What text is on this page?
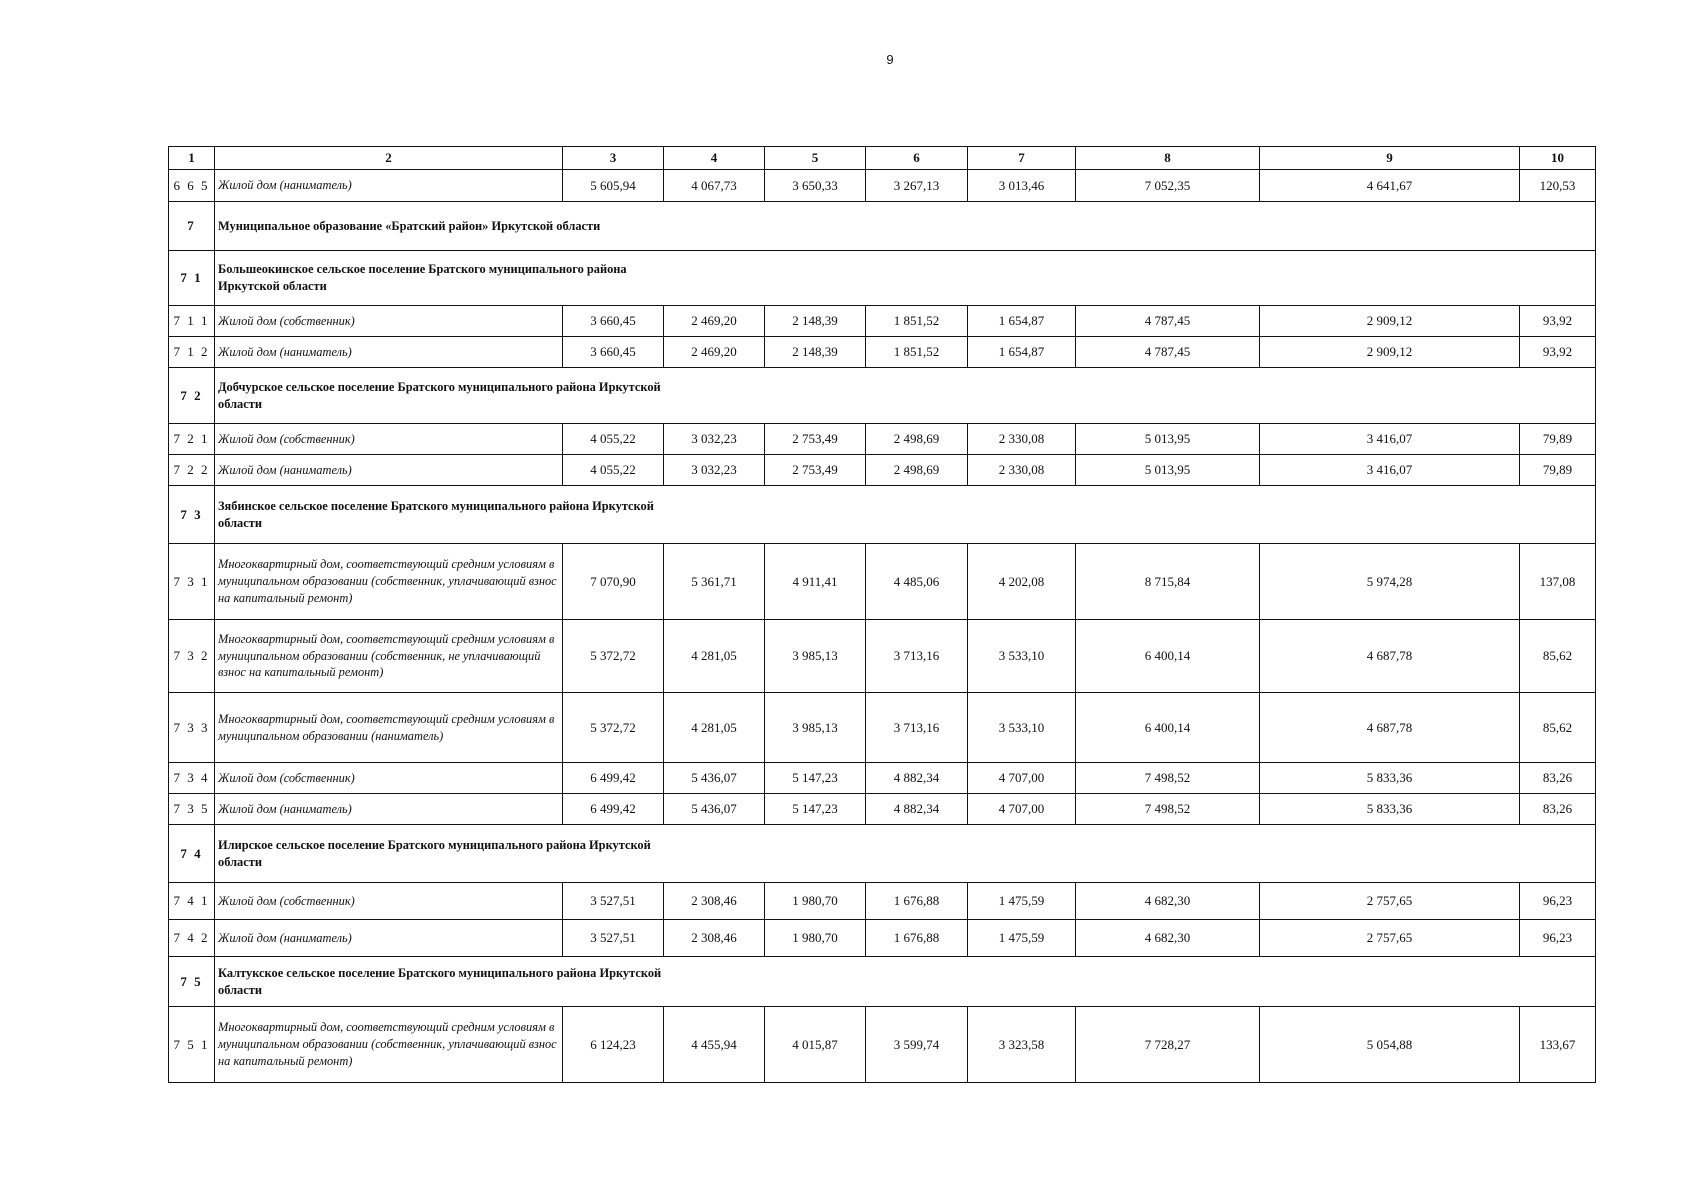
9
1	2	3	4	5	6	7	8	9	10
6 6 5	Жилой дом (наниматель)	5 605,94	4 067,73	3 650,33	3 267,13	3 013,46	7 052,35	4 641,67	120,53
7	Муниципальное образование «Братский район» Иркутской области								
7 1	Большеокинское сельское поселение Братского муниципального района Иркутской области								
7 1 1	Жилой дом (собственник)	3 660,45	2 469,20	2 148,39	1 851,52	1 654,87	4 787,45	2 909,12	93,92
7 1 2	Жилой дом (наниматель)	3 660,45	2 469,20	2 148,39	1 851,52	1 654,87	4 787,45	2 909,12	93,92
7 2	Добчурское сельское поселение Братского муниципального района Иркутской области								
7 2 1	Жилой дом (собственник)	4 055,22	3 032,23	2 753,49	2 498,69	2 330,08	5 013,95	3 416,07	79,89
7 2 2	Жилой дом (наниматель)	4 055,22	3 032,23	2 753,49	2 498,69	2 330,08	5 013,95	3 416,07	79,89
7 3	Зябинское сельское поселение Братского муниципального района Иркутской области								
7 3 1	Многоквартирный дом, соответствующий средним условиям в муниципальном образовании (собственник, уплачивающий взнос на капитальный ремонт)	7 070,90	5 361,71	4 911,41	4 485,06	4 202,08	8 715,84	5 974,28	137,08
7 3 2	Многоквартирный дом, соответствующий средним условиям в муниципальном образовании (собственник, не уплачивающий взнос на капитальный ремонт)	5 372,72	4 281,05	3 985,13	3 713,16	3 533,10	6 400,14	4 687,78	85,62
7 3 3	Многоквартирный дом, соответствующий средним условиям в муниципальном образовании (наниматель)	5 372,72	4 281,05	3 985,13	3 713,16	3 533,10	6 400,14	4 687,78	85,62
7 3 4	Жилой дом (собственник)	6 499,42	5 436,07	5 147,23	4 882,34	4 707,00	7 498,52	5 833,36	83,26
7 3 5	Жилой дом (наниматель)	6 499,42	5 436,07	5 147,23	4 882,34	4 707,00	7 498,52	5 833,36	83,26
7 4	Илирское сельское поселение Братского муниципального района Иркутской области								
7 4 1	Жилой дом (собственник)	3 527,51	2 308,46	1 980,70	1 676,88	1 475,59	4 682,30	2 757,65	96,23
7 4 2	Жилой дом (наниматель)	3 527,51	2 308,46	1 980,70	1 676,88	1 475,59	4 682,30	2 757,65	96,23
7 5	Калтукское сельское поселение Братского муниципального района Иркутской области								
7 5 1	Многоквартирный дом, соответствующий средним условиям в муниципальном образовании (собственник, уплачивающий взнос на капитальный ремонт)	6 124,23	4 455,94	4 015,87	3 599,74	3 323,58	7 728,27	5 054,88	133,67
